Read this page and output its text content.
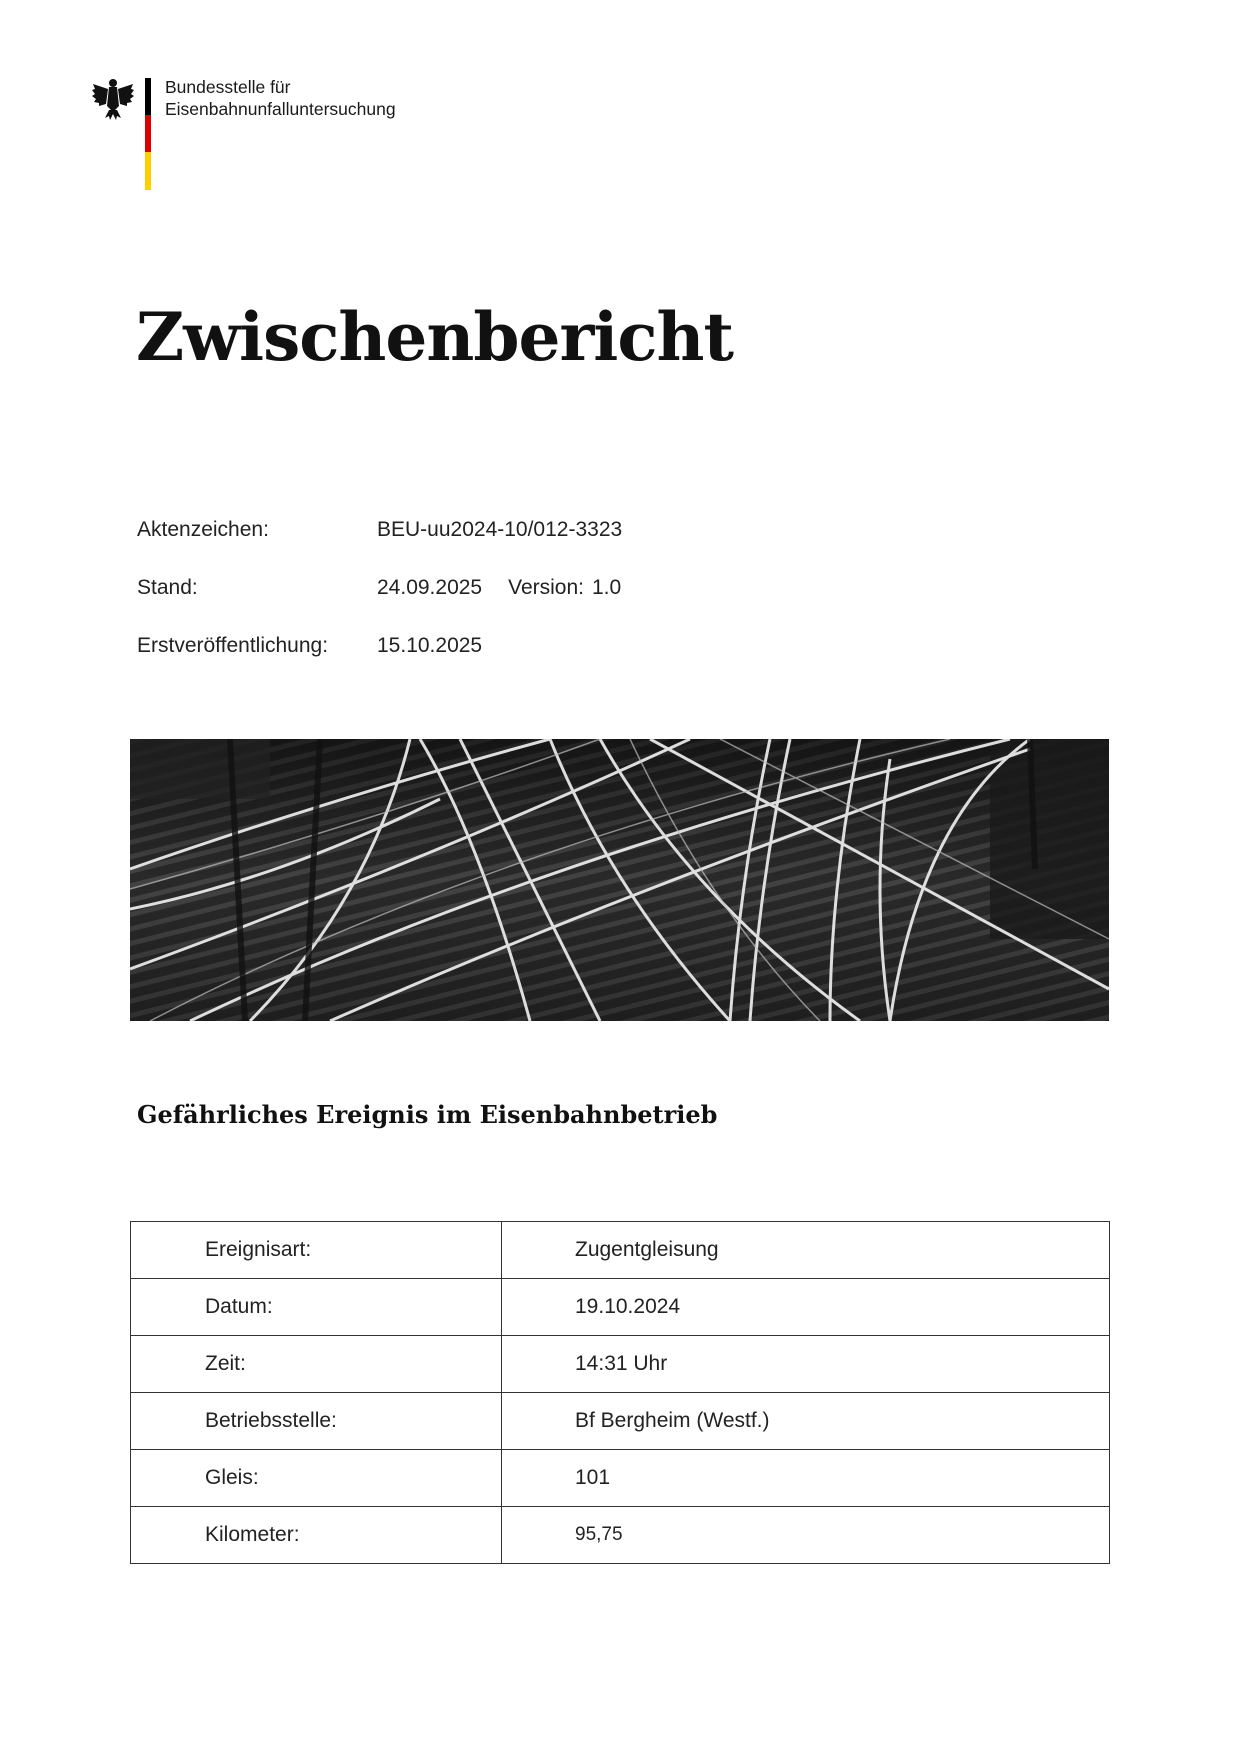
Bundesstelle für
Eisenbahnunfalluntersuchung
Zwischenbericht
Aktenzeichen:	BEU-uu2024-10/012-3323
Stand:	24.09.2025 Version: 1.0
Erstveröffentlichung: 15.10.2025
Gefährliches Ereignis im Eisenbahnbetrieb
Ereignisart:	Zugentgleisung
Datum:	19.10.2024
Zeit:	14:31 Uhr
Betriebsstelle:	Bf Bergheim (Westf.)
Gleis:	101
Kilometer:	95,75
